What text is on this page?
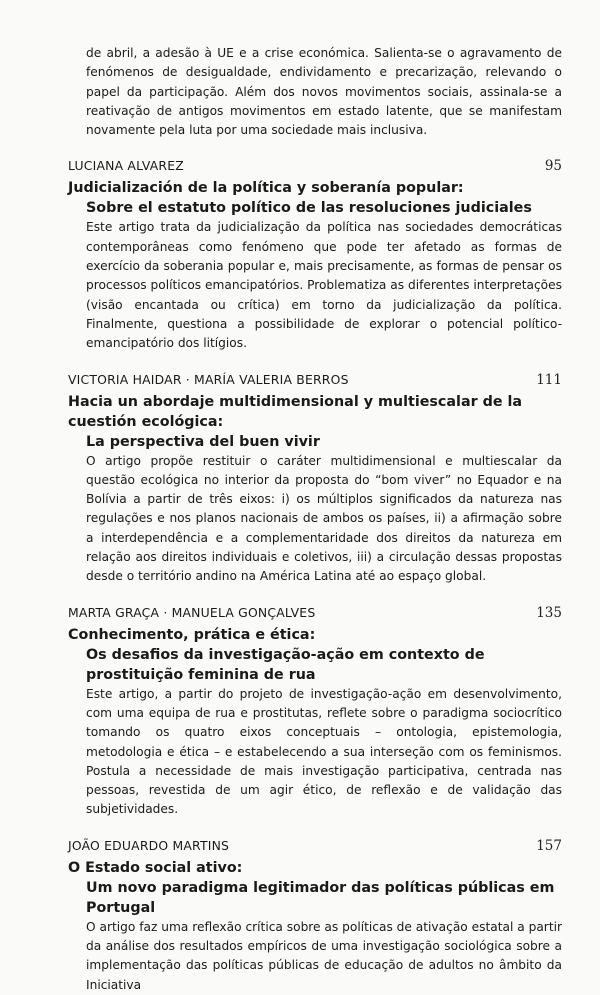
de abril, a adesão à UE e a crise económica. Salienta-se o agravamento de fenómenos de desigualdade, endividamento e precarização, relevando o papel da participação. Além dos novos movimentos sociais, assinala-se a reativação de antigos movimentos em estado latente, que se manifestam novamente pela luta por uma sociedade mais inclusiva.

LUCIANA ALVAREZ	95

Judicialización de la política y soberanía popular:

Sobre el estatuto político de las resoluciones judiciales

Este artigo trata da judicialização da política nas sociedades democráticas contemporâneas como fenómeno que pode ter afetado as formas de exercício da soberania popular e, mais precisamente, as formas de pensar os processos políticos emancipatórios. Problematiza as diferentes interpretações (visão encantada ou crítica) em torno da judicialização da política. Finalmente, questiona a possibilidade de explorar o potencial político-emancipatório dos litígios.

VICTORIA HAIDAR · MARÍA VALERIA BERROS	111

Hacia un abordaje multidimensional y multiescalar de la cuestión ecológica:

La perspectiva del buen vivir

O artigo propõe restituir o caráter multidimensional e multiescalar da questão ecológica no interior da proposta do “bom viver” no Equador e na Bolívia a partir de três eixos: i) os múltiplos significados da natureza nas regulações e nos planos nacionais de ambos os países, ii) a afirmação sobre a interdependência e a complementaridade dos direitos da natureza em relação aos direitos individuais e coletivos, iii) a circulação dessas propostas desde o território andino na América Latina até ao espaço global.

MARTA GRAÇA · MANUELA GONÇALVES	135

Conhecimento, prática e ética:

Os desafios da investigação-ação em contexto de prostituição feminina de rua

Este artigo, a partir do projeto de investigação-ação em desenvolvimento, com uma equipa de rua e prostitutas, reflete sobre o paradigma sociocrítico tomando os quatro eixos conceptuais – ontologia, epistemologia, metodologia e ética – e estabelecendo a sua interseção com os feminismos. Postula a necessidade de mais investigação participativa, centrada nas pessoas, revestida de um agir ético, de reflexão e de validação das subjetividades.

JOÃO EDUARDO MARTINS	157

O Estado social ativo:

Um novo paradigma legitimador das políticas públicas em Portugal

O artigo faz uma reflexão crítica sobre as políticas de ativação estatal a partir da análise dos resultados empíricos de uma investigação sociológica sobre a implementação das políticas públicas de educação de adultos no âmbito da Iniciativa
